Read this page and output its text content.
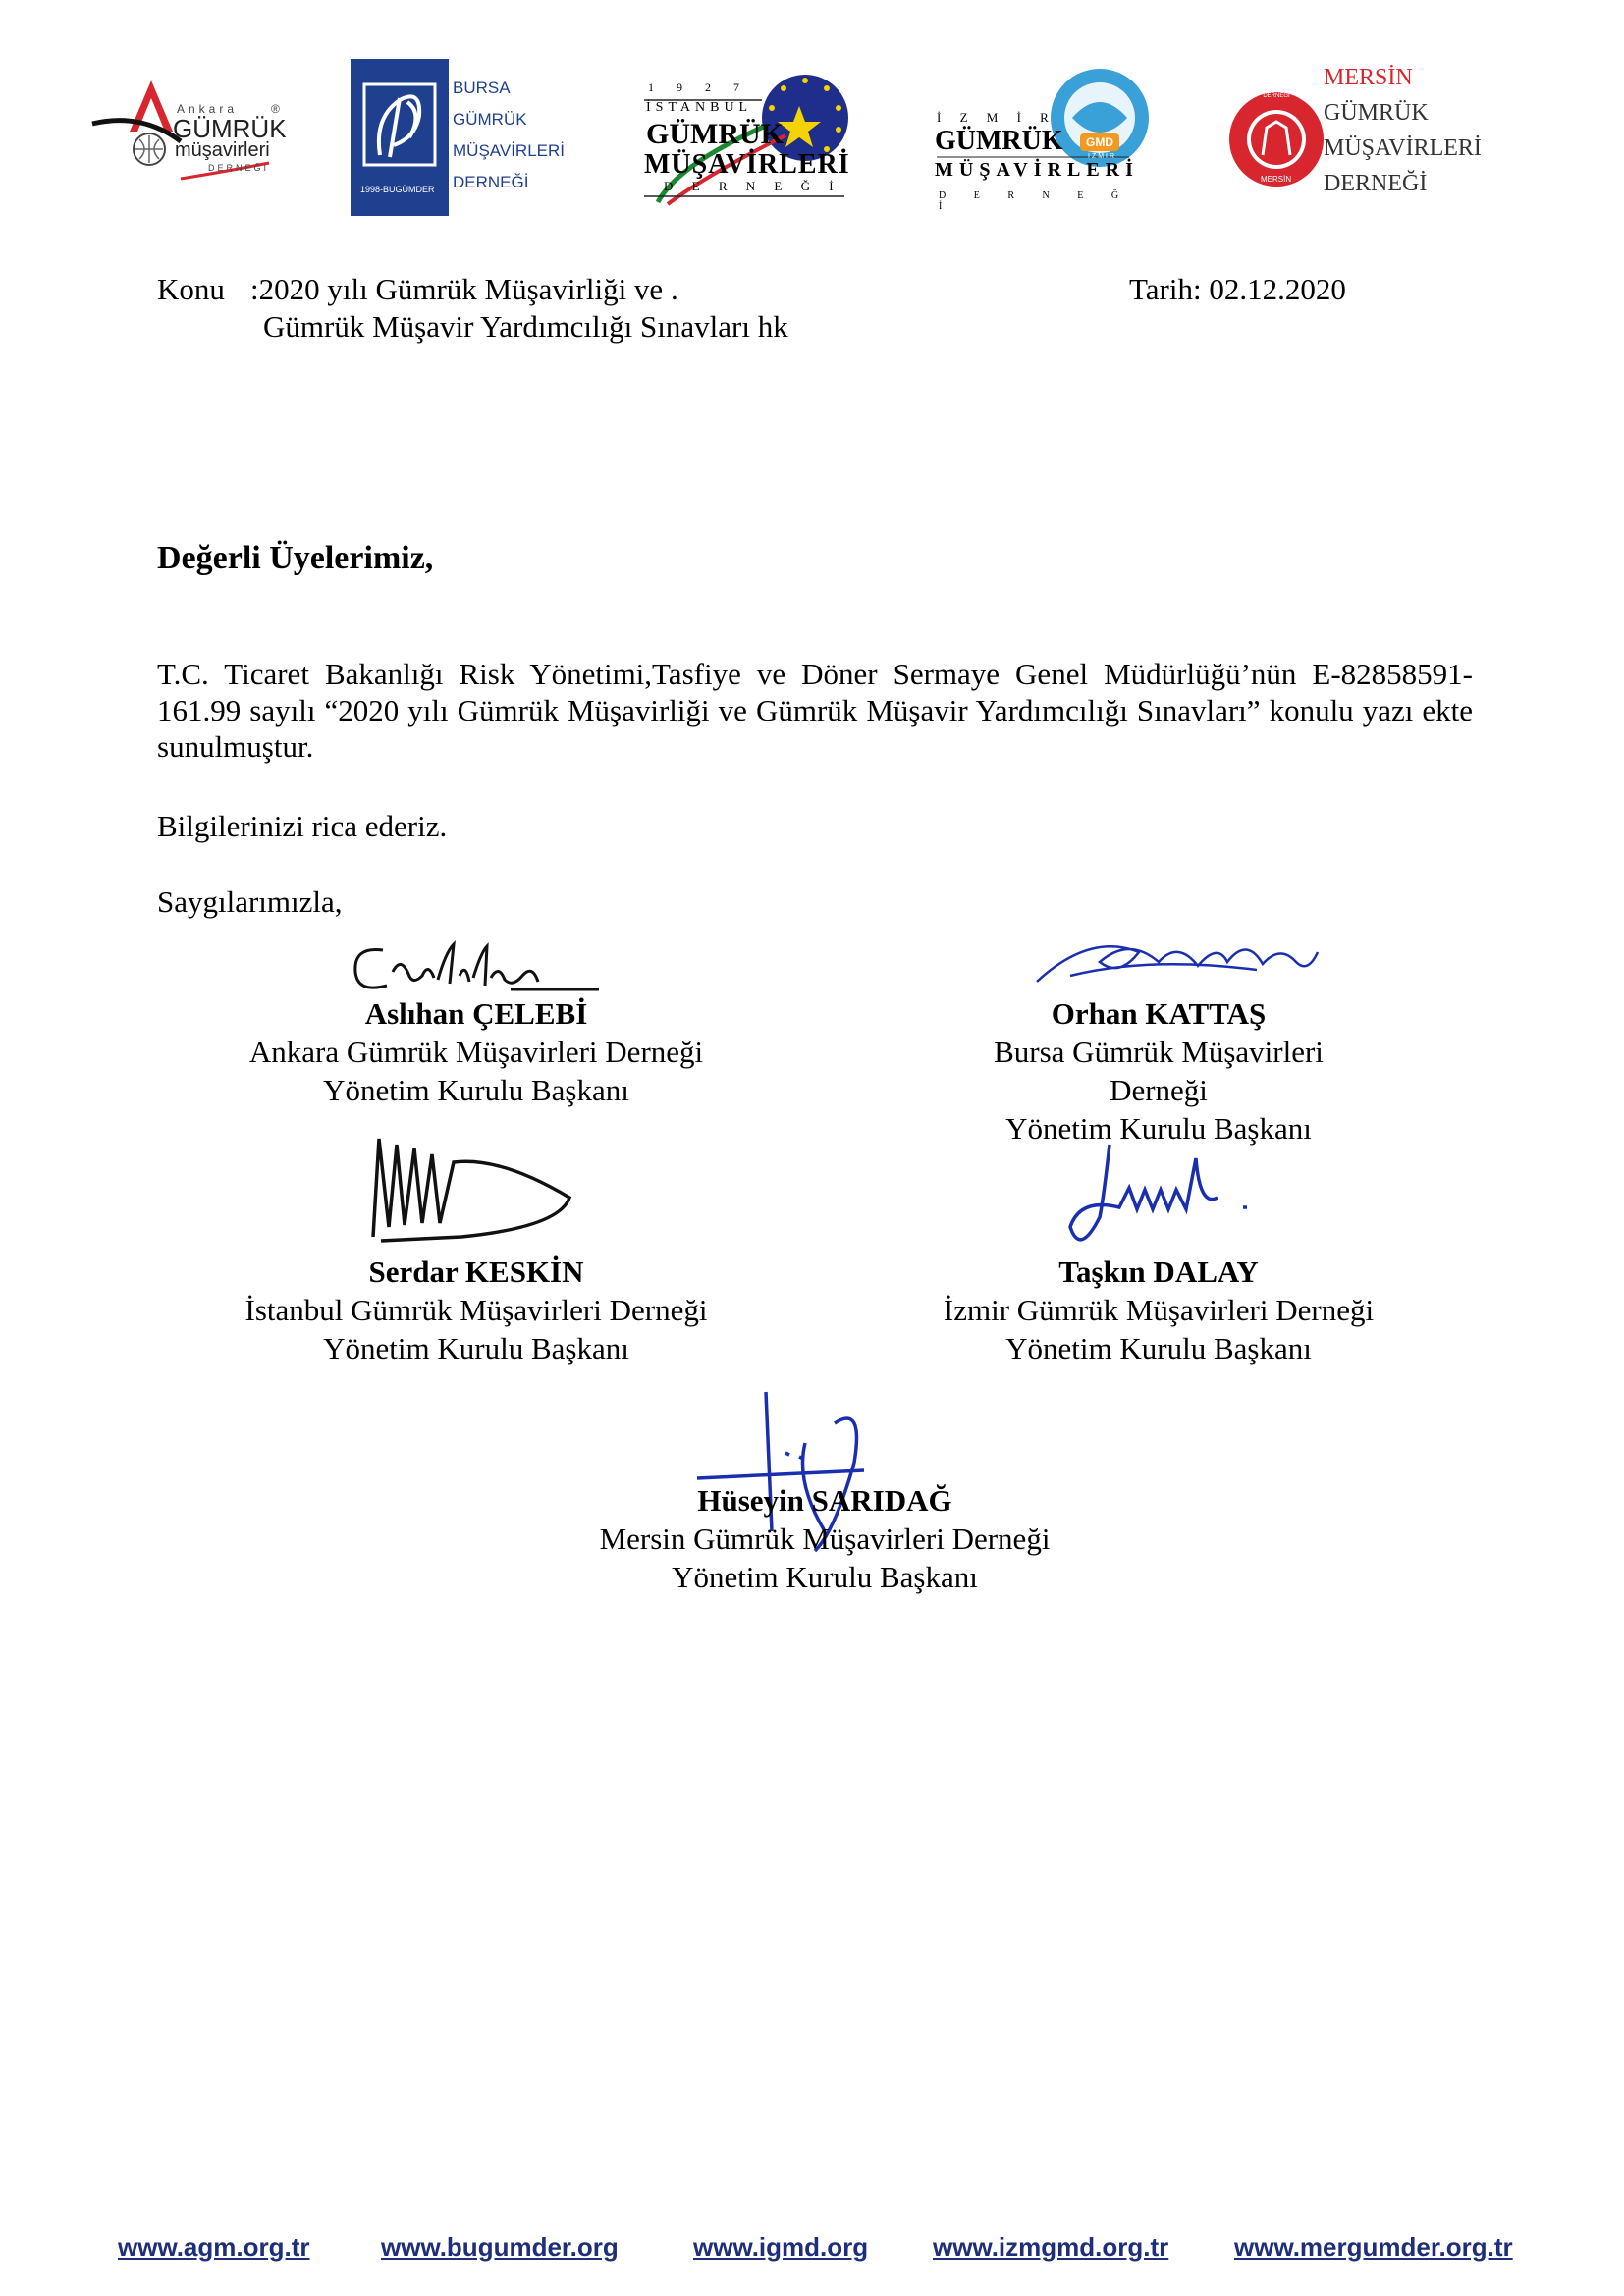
Ankara
GÜMRÜK
müşavirleri
DERNEĞİ
®
1998-BUGÜMDER
BURSA
GÜMRÜK
MÜŞAVİRLERİ
DERNEĞİ
1 9 2 7
İSTANBUL
GÜMRÜK
MÜŞAVİRLERİ
D E R N E Ğ İ
GMD
İZMİR
İ Z M İ R
GÜMRÜK
MÜŞAVİRLERİ
D E R N E Ğ İ
GÜMRÜK MÜŞAVİRLERİ DERNEĞİ
MERSİN
MERSİN
GÜMRÜK
MÜŞAVİRLERİ
DERNEĞİ
Konu :2020 yılı Gümrük Müşavirliği ve .
Gümrük Müşavir Yardımcılığı Sınavları hk
Tarih: 02.12.2020
Değerli Üyelerimiz,
T.C. Ticaret Bakanlığı Risk Yönetimi,Tasfiye ve Döner Sermaye Genel Müdürlüğü’nün E-82858591-161.99 sayılı “2020 yılı Gümrük Müşavirliği ve Gümrük Müşavir Yardımcılığı Sınavları” konulu yazı ekte sunulmuştur.
Bilgilerinizi rica ederiz.
Saygılarımızla,
Aslıhan ÇELEBİ
Ankara Gümrük Müşavirleri Derneği
Yönetim Kurulu Başkanı
Orhan KATTAŞ
Bursa Gümrük Müşavirleri Derneği
Yönetim Kurulu Başkanı
Serdar KESKİN
İstanbul Gümrük Müşavirleri Derneği
Yönetim Kurulu Başkanı
Taşkın DALAY
İzmir Gümrük Müşavirleri Derneği
Yönetim Kurulu Başkanı
Hüseyin SARIDAĞ
Mersin Gümrük Müşavirleri Derneği
Yönetim Kurulu Başkanı
www.agm.org.tr	www.bugumder.org	www.igmd.org	www.izmgmd.org.tr	www.mergumder.org.tr
